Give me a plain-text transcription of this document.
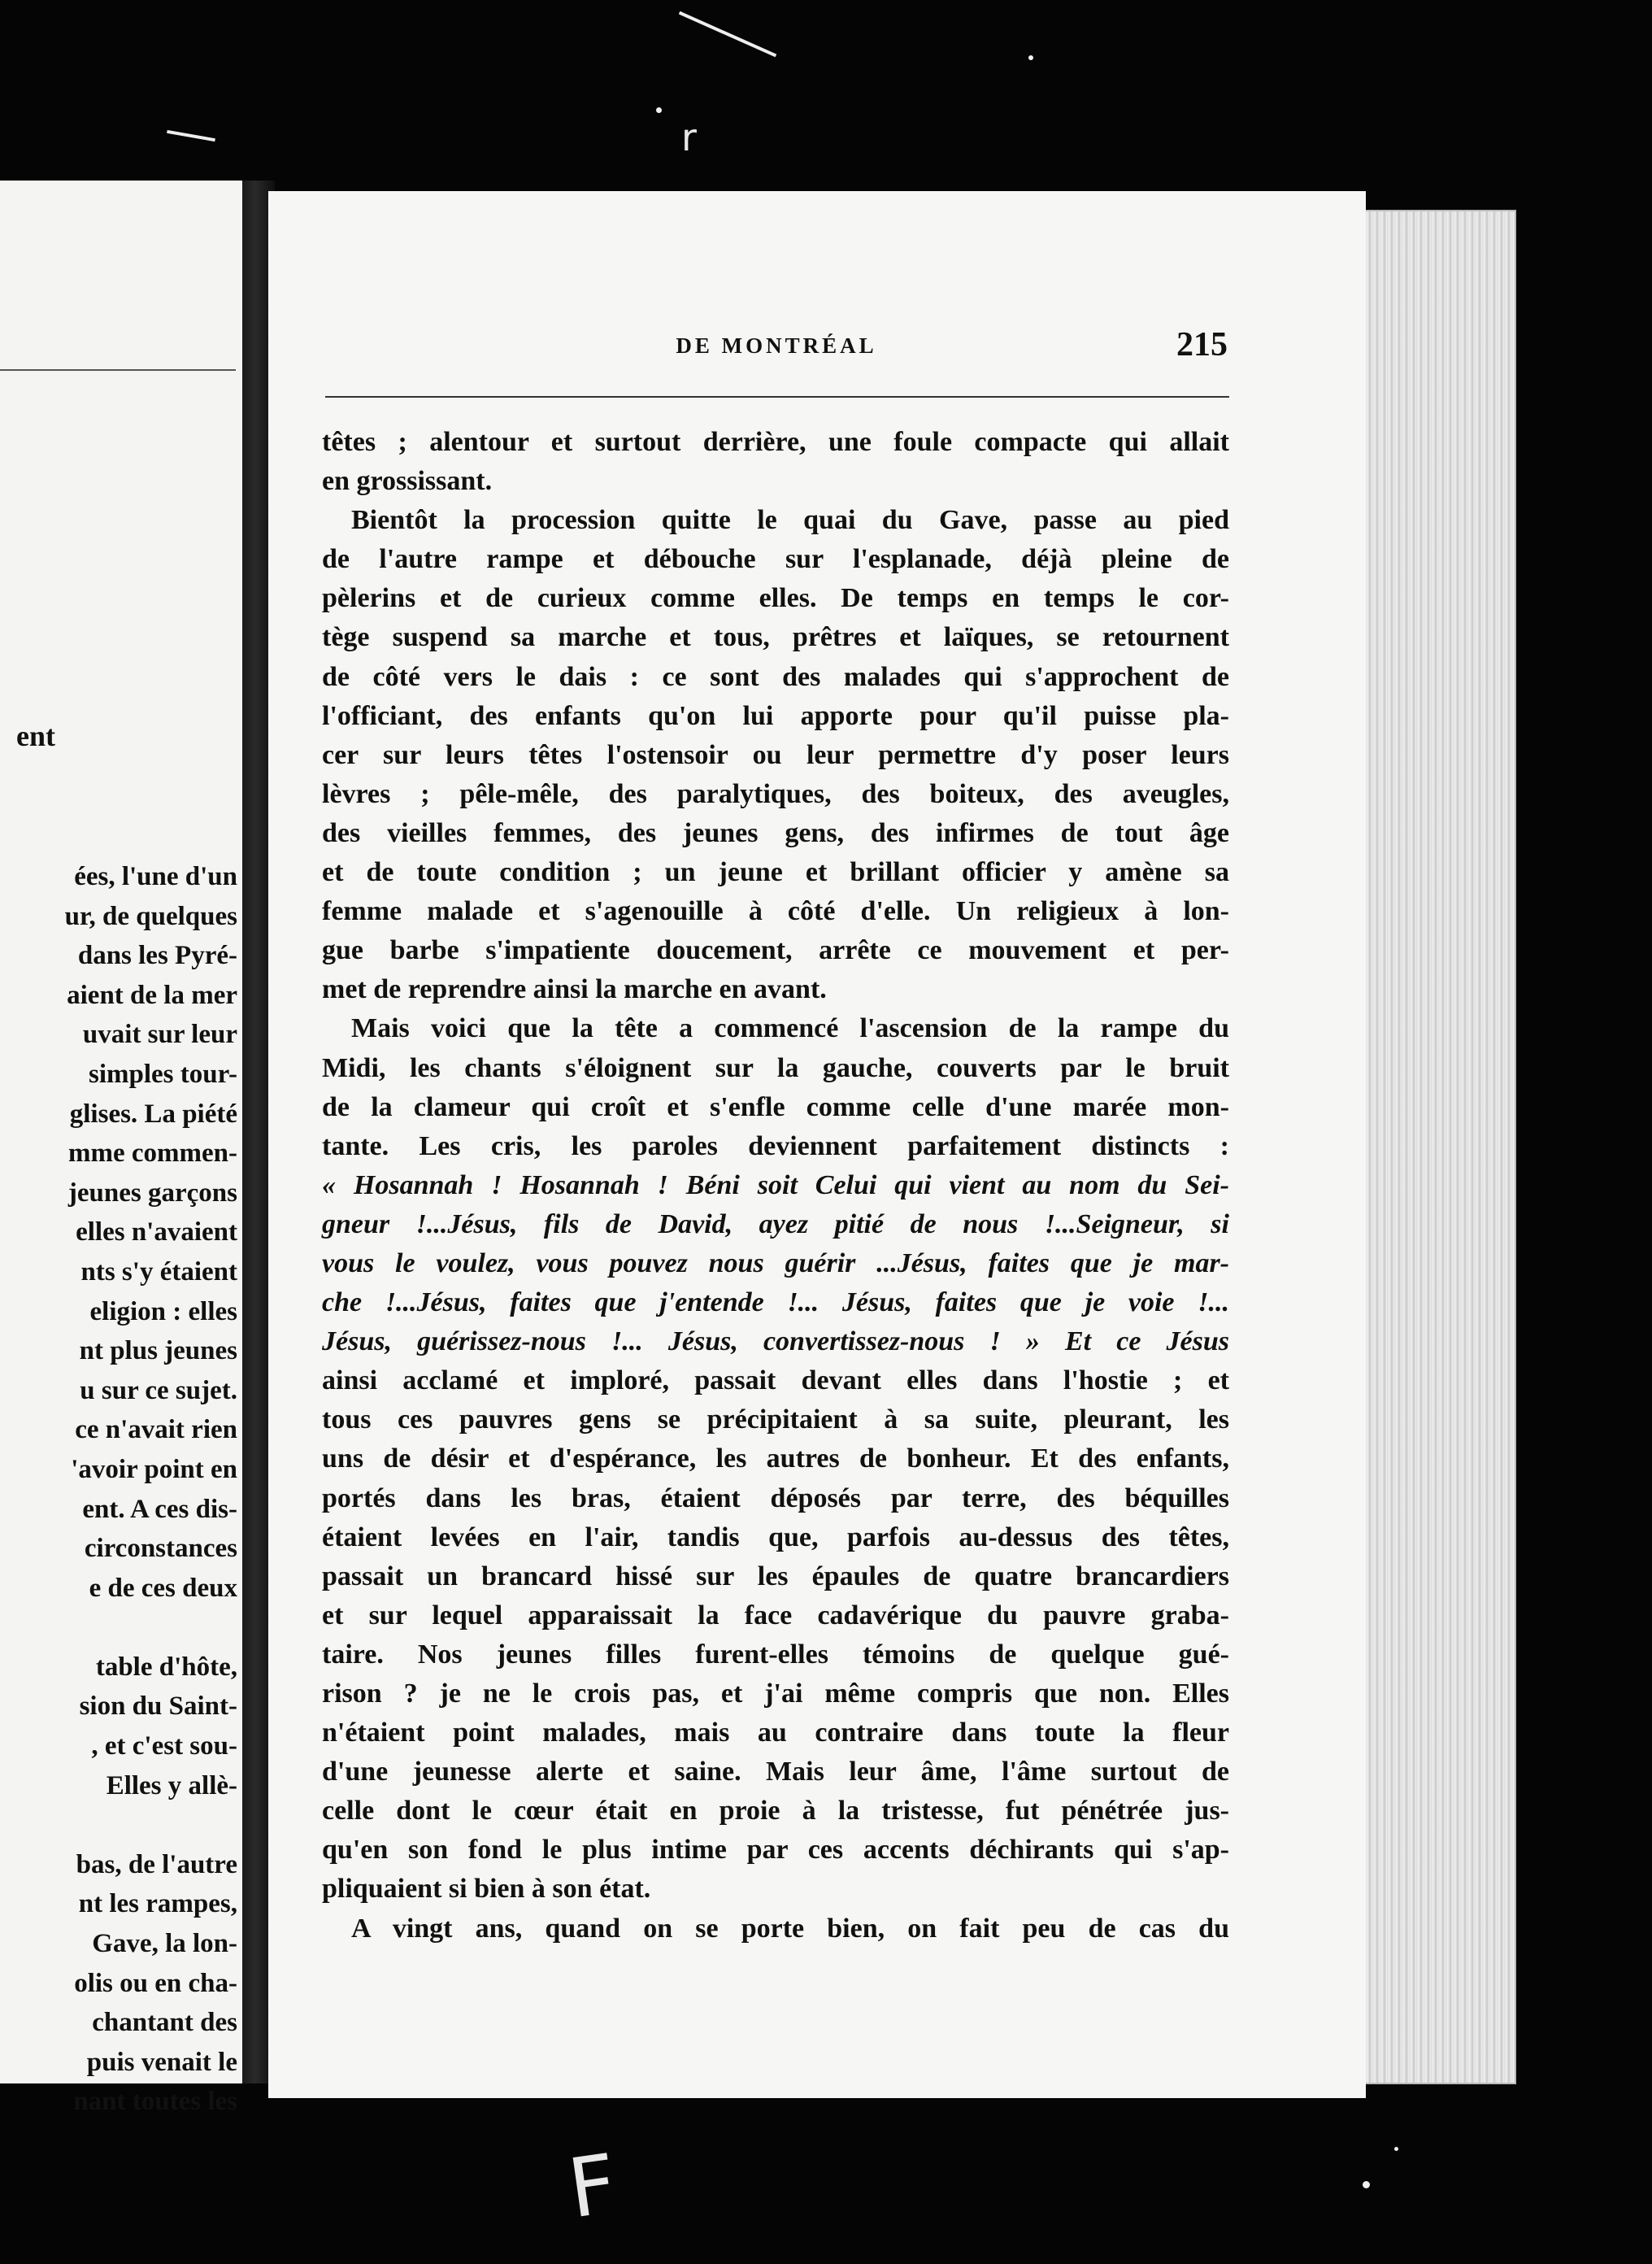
ent
ées, l'une d'un
ur, de quelques
dans les Pyré-
aient de la mer
uvait sur leur
simples tour-
glises. La piété
mme commen-
jeunes garçons
elles n'avaient
nts s'y étaient
eligion : elles
nt plus jeunes
u sur ce sujet.
ce n'avait rien
'avoir point en
ent. A ces dis-
circonstances
e de ces deux
table d'hôte,
sion du Saint-
, et c'est sou-
Elles y allè-
bas, de l'autre
nt les rampes,
Gave, la lon-
olis ou en cha-
chantant des
puis venait le
nant toutes les
DE MONTRÉAL	215
têtes ; alentour et surtout derrière, une foule compacte qui allait
en grossissant.
Bientôt la procession quitte le quai du Gave, passe au pied
de l'autre rampe et débouche sur l'esplanade, déjà pleine de
pèlerins et de curieux comme elles. De temps en temps le cor-
tège suspend sa marche et tous, prêtres et laïques, se retournent
de côté vers le dais : ce sont des malades qui s'approchent de
l'officiant, des enfants qu'on lui apporte pour qu'il puisse pla-
cer sur leurs têtes l'ostensoir ou leur permettre d'y poser leurs
lèvres ; pêle-mêle, des paralytiques, des boiteux, des aveugles,
des vieilles femmes, des jeunes gens, des infirmes de tout âge
et de toute condition ; un jeune et brillant officier y amène sa
femme malade et s'agenouille à côté d'elle. Un religieux à lon-
gue barbe s'impatiente doucement, arrête ce mouvement et per-
met de reprendre ainsi la marche en avant.
Mais voici que la tête a commencé l'ascension de la rampe du
Midi, les chants s'éloignent sur la gauche, couverts par le bruit
de la clameur qui croît et s'enfle comme celle d'une marée mon-
tante. Les cris, les paroles deviennent parfaitement distincts :
« Hosannah ! Hosannah ! Béni soit Celui qui vient au nom du Sei-
gneur !...Jésus, fils de David, ayez pitié de nous !...Seigneur, si
vous le voulez, vous pouvez nous guérir ...Jésus, faites que je mar-
che !...Jésus, faites que j'entende !... Jésus, faites que je voie !...
Jésus, guérissez-nous !... Jésus, convertissez-nous ! » Et ce Jésus
ainsi acclamé et imploré, passait devant elles dans l'hostie ; et
tous ces pauvres gens se précipitaient à sa suite, pleurant, les
uns de désir et d'espérance, les autres de bonheur. Et des enfants,
portés dans les bras, étaient déposés par terre, des béquilles
étaient levées en l'air, tandis que, parfois au-dessus des têtes,
passait un brancard hissé sur les épaules de quatre brancardiers
et sur lequel apparaissait la face cadavérique du pauvre graba-
taire. Nos jeunes filles furent-elles témoins de quelque gué-
rison ? je ne le crois pas, et j'ai même compris que non. Elles
n'étaient point malades, mais au contraire dans toute la fleur
d'une jeunesse alerte et saine. Mais leur âme, l'âme surtout de
celle dont le cœur était en proie à la tristesse, fut pénétrée jus-
qu'en son fond le plus intime par ces accents déchirants qui s'ap-
pliquaient si bien à son état.
A vingt ans, quand on se porte bien, on fait peu de cas du
r
F
